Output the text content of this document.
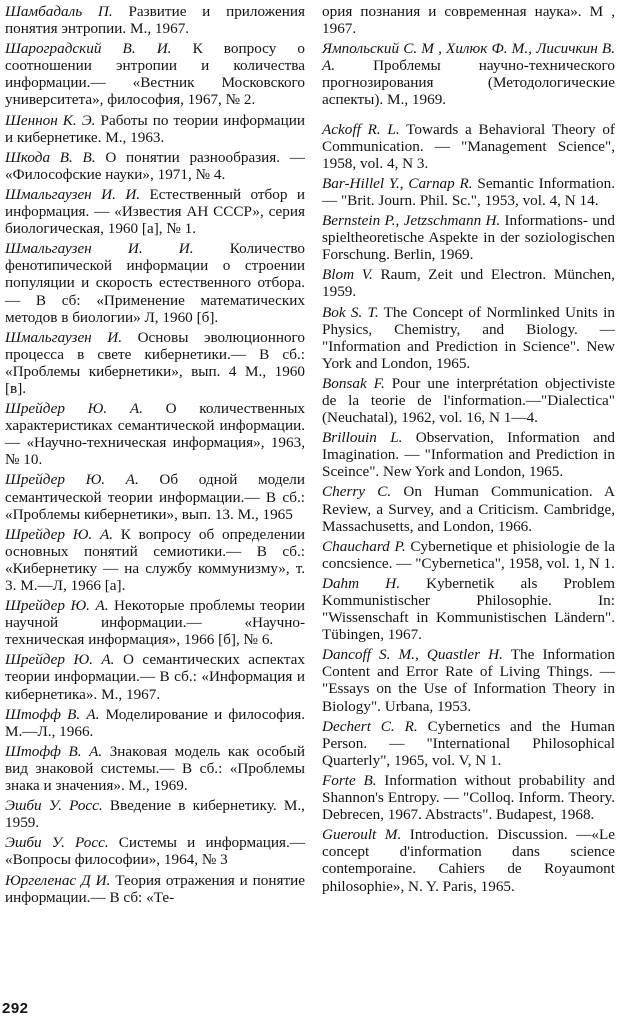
Шамбадаль П. Развитие и приложения понятия энтропии. М., 1967.

Шарогрaдский В. И. К вопросу о соотношении энтропии и количества информации.— «Вестник Московского университета», философия, 1967, № 2.

Шеннон К. Э. Работы по теории информации и кибернетике. М., 1963.

Шкода В. В. О понятии разнообразия. — «Философские науки», 1971, № 4.

Шмальгаузен И. И. Естественный отбор и информация. — «Известия АН СССР», серия биологическая, 1960 [а], № 1.

Шмальгаузен И. И. Количество фенотипической информации о строении популяции и скорость естественного отбора.— В сб: «Применение математических методов в биологии» Л, 1960 [б].

Шмальгаузен И. Основы эволюционного процесса в свете кибернетики.— В сб.: «Проблемы кибернетики», вып. 4 М., 1960 [в].

Шрейдер Ю. А. О количественных характеристиках семантической информации. — «Научно-техническая информация», 1963, № 10.

Шрейдер Ю. А. Об одной модели семантической теории информации.— В сб.: «Проблемы кибернетики», вып. 13. М., 1965

Шрейдер Ю. А. К вопросу об определении основных понятий семиотики.— В сб.: «Кибернетику — на службу коммунизму», т. 3. М.—Л, 1966 [а].

Шрейдер Ю. А. Некоторые проблемы теории научной информации.— «Научно-техническая информация», 1966 [б], № 6.

Шрейдер Ю. А. О семантических аспектах теории информации.— В сб.: «Информация и кибернетика». М., 1967.

Штофф В. А. Моделирование и философия. М.—Л., 1966.

Штофф В. А. Знаковая модель как особый вид знаковой системы.— В сб.: «Проблемы знака и значения». М., 1969.

Эшби У. Росс. Введение в кибернетику. М., 1959.

Эшби У. Росс. Системы и информация.— «Вопросы философии», 1964, № 3

Юргеленас Д И. Теория отражения и понятие информации.— В сб: «Те-

ория познания и современная наука». М , 1967.

Ямпольский С. М , Хилюк Ф. М., Лисичкин В. А. Проблемы научно-технического прогнозирования (Методологические аспекты). М., 1969.

Ackoff R. L. Towards a Behavioral Theory of Communication. — "Management Science", 1958, vol. 4, N 3.

Bar-Hillel Y., Carnap R. Semantic Information. — "Brit. Journ. Phil. Sc.", 1953, vol. 4, N 14.

Bernstein P., Jetzschmann H. Informations- und spieltheoretische Aspekte in der soziologischen Forschung. Berlin, 1969.

Blom V. Raum, Zeit und Electron. München, 1959.

Bok S. T. The Concept of Normlinked Units in Physics, Chemistry, and Biology. — "Information and Prediction in Science". New York and London, 1965.

Bonsak F. Pour une interprétation objectiviste de la teorie de l'information.—"Dialectica" (Neuchatal), 1962, vol. 16, N 1—4.

Brillouin L. Observation, Information and Imagination. — "Information and Prediction in Sceince". New York and London, 1965.

Cherry C. On Human Communication. A Review, a Survey, and a Criticism. Cambridge, Massachusetts, and London, 1966.

Chauchard P. Cybernetique et phisiologie de la concsience. — "Cybernetica", 1958, vol. 1, N 1.

Dahm H. Kybernetik als Problem Kommunistischer Philosophie. In: "Wissenschaft in Kommunistischen Ländern". Tübingen, 1967.

Dancoff S. M., Quastler H. The Information Content and Error Rate of Living Things. — "Essays on the Use of Information Theory in Biology". Urbana, 1953.

Dechert C. R. Cybernetics and the Human Person. — "International Philosophical Quarterly", 1965, vol. V, N 1.

Forte B. Information without probability and Shannon's Entropy. — "Colloq. Inform. Theory. Debrecen, 1967. Abstracts". Budapest, 1968.

Gueroult M. Introduction. Discussion. —«Le concept d'information dans science contemporaine. Cahiers de Royaumont philosophie», N. Y. Paris, 1965.

292
